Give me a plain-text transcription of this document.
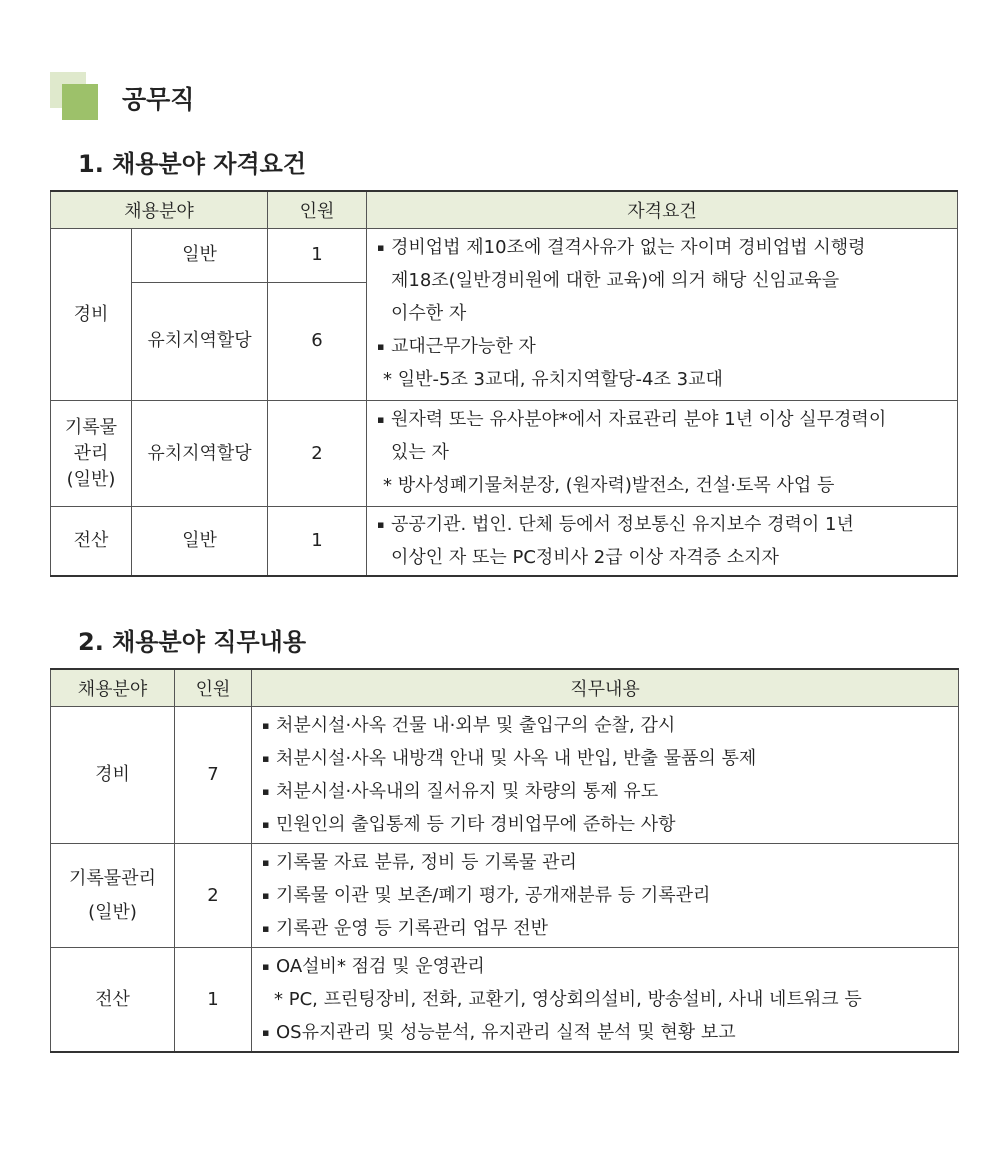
공무직
1. 채용분야 자격요건
채용분야		인원	자격요건
경비	일반	1	▪ 경비업법 제10조에 결격사유가 없는 자이며 경비업법 시행령
제18조(일반경비원에 대한 교육)에 의거 해당 신임교육을
이수한 자
▪ 교대근무가능한 자
* 일반-5조 3교대, 유치지역할당-4조 3교대

	유치지역할당	6	

기록물
관리
(일반)	유치지역할당	2	▪ 원자력 또는 유사분야*에서 자료관리 분야 1년 이상 실무경력이
있는 자
* 방사성폐기물처분장, (원자력)발전소, 건설·토목 사업 등

전산	일반	1	▪ 공공기관. 법인. 단체 등에서 정보통신 유지보수 경력이 1년
이상인 자 또는 PC정비사 2급 이상 자격증 소지자
2. 채용분야 직무내용
채용분야	인원	직무내용
경비	7	▪ 처분시설·사옥 건물 내·외부 및 출입구의 순찰, 감시
▪ 처분시설·사옥 내방객 안내 및 사옥 내 반입, 반출 물품의 통제
▪ 처분시설·사옥내의 질서유지 및 차량의 통제 유도
▪ 민원인의 출입통제 등 기타 경비업무에 준하는 사항

기록물관리
(일반)	2	▪ 기록물 자료 분류, 정비 등 기록물 관리
▪ 기록물 이관 및 보존/폐기 평가, 공개재분류 등 기록관리
▪ 기록관 운영 등 기록관리 업무 전반

전산	1	▪ OA설비* 점검 및 운영관리
* PC, 프린팅장비, 전화, 교환기, 영상회의설비, 방송설비, 사내 네트워크 등
▪ OS유지관리 및 성능분석, 유지관리 실적 분석 및 현황 보고
